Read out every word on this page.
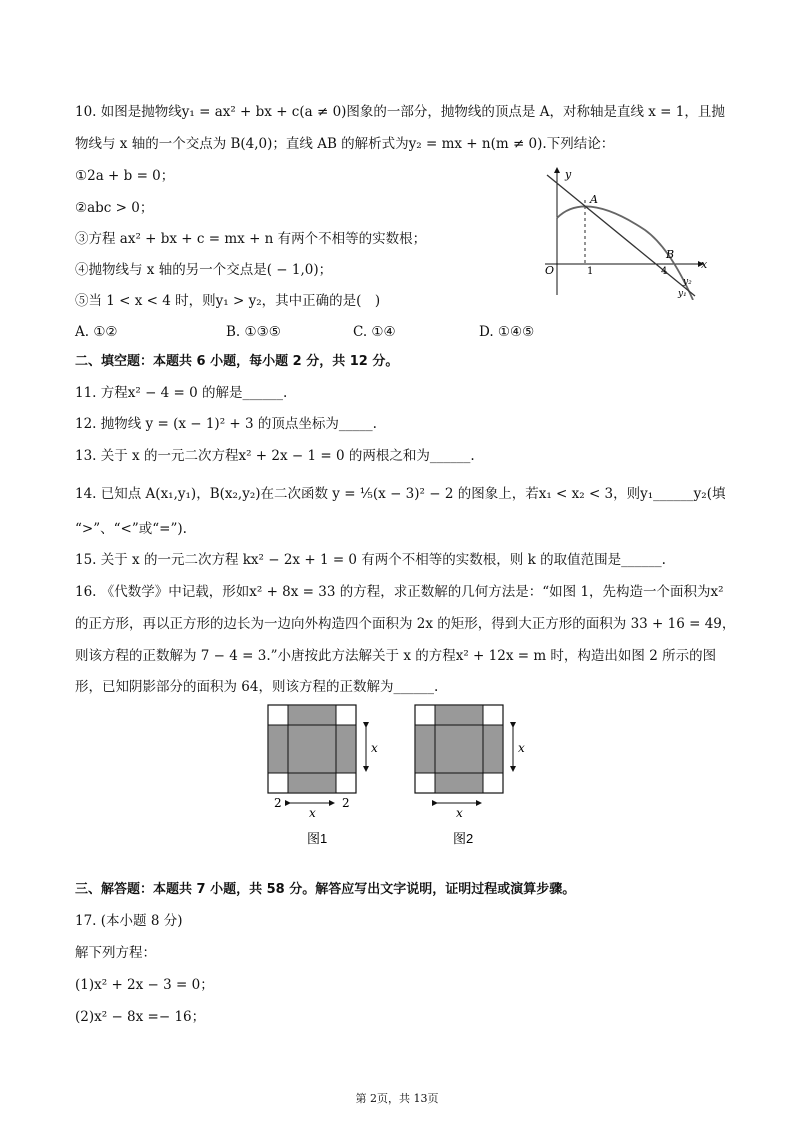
10. 如图是抛物线y₁ = ax² + bx + c(a ≠ 0)图象的一部分，抛物线的顶点是 A，对称轴是直线 x = 1，且抛
物线与 x 轴的一个交点为 B(4,0)；直线 AB 的解析式为y₂ = mx + n(m ≠ 0).下列结论：
①2a + b = 0；
②abc > 0；
③方程 ax² + bx + c = mx + n 有两个不相等的实数根；
④抛物线与 x 轴的另一个交点是( − 1,0)；
⑤当 1 < x < 4 时，则y₁ > y₂，其中正确的是(　)
A. ①②	B. ①③⑤	C. ①④	D. ①④⑤
y
x
O
A
B
1	4
y₂
y₁
二、填空题：本题共 6 小题，每小题 2 分，共 12 分。
11. 方程x² − 4 = 0 的解是______.
12. 抛物线 y = (x − 1)² + 3 的顶点坐标为_____.
13. 关于 x 的一元二次方程x² + 2x − 1 = 0 的两根之和为______.
14. 已知点 A(x₁,y₁)，B(x₂,y₂)在二次函数 y = ⅕(x − 3)² − 2 的图象上，若x₁ < x₂ < 3，则y₁______y₂(填
“>”、“<”或“=”).
15. 关于 x 的一元二次方程 kx² − 2x + 1 = 0 有两个不相等的实数根，则 k 的取值范围是______.
16. 《代数学》中记载，形如x² + 8x = 33 的方程，求正数解的几何方法是：“如图 1，先构造一个面积为x²
的正方形，再以正方形的边长为一边向外构造四个面积为 2x 的矩形，得到大正方形的面积为 33 + 16 = 49，
则该方程的正数解为 7 − 4 = 3.”小唐按此方法解关于 x 的方程x² + 12x = m 时，构造出如图 2 所示的图
形，已知阴影部分的面积为 64，则该方程的正数解为______.
x
x
2	2
图1
x
x
图2
三、解答题：本题共 7 小题，共 58 分。解答应写出文字说明，证明过程或演算步骤。
17. (本小题 8 分)
解下列方程：
(1)x² + 2x − 3 = 0；
(2)x² − 8x =− 16；
第 2页，共 13页
